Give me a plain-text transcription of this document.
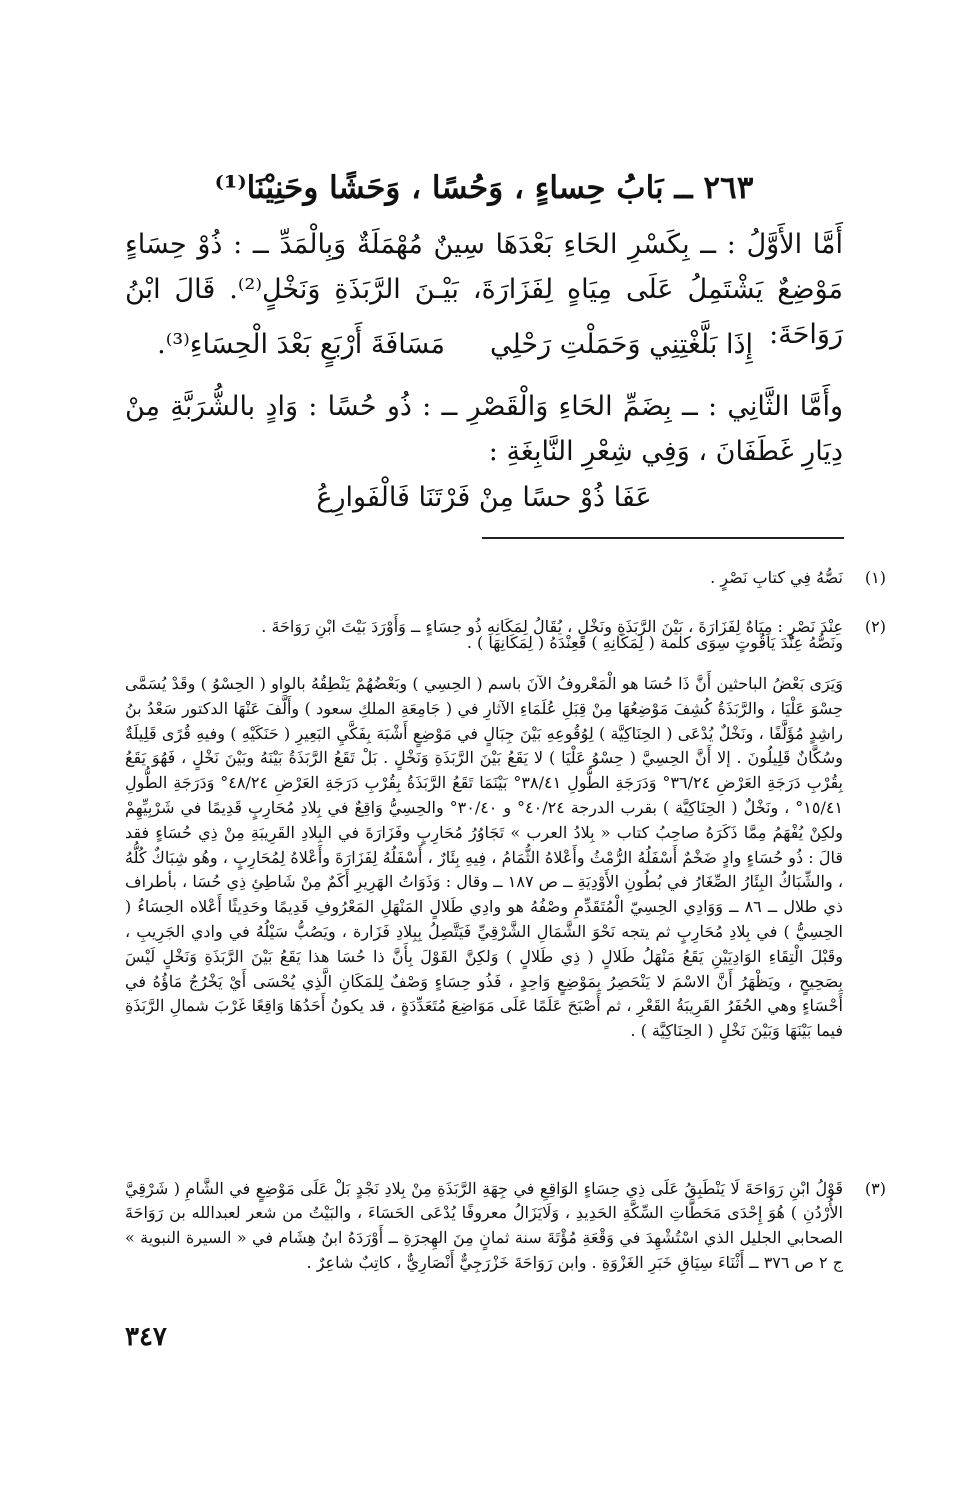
٢٦٣ ــ بَابُ حِساءٍ ، وَحُسًا ، وَحَشًا وحَنِيْنَا⁽¹⁾
أَمَّا الأَوَّلُ : ــ بِكَسْرِ الحَاءِ بَعْدَهَا سِينٌ مُهْمَلَةٌ وَبِالْمَدِّ ــ : ذُوْ حِسَاءٍ مَوْضِعٌ يَشْتَمِلُ عَلَى مِيَاهٍ لِفَزَارَةَ، بَيْـنَ الرَّبَذَةِ وَنَخْلٍ⁽²⁾. قَالَ ابْنُ رَوَاحَةَ:
إِذَا بَلَّغْتِنِي وَحَمَلْتِ رَحْلِي
مَسَافَةَ أَرْبَعٍ بَعْدَ الْحِسَاءِ⁽³⁾.
وأَمَّا الثَّانِي : ــ بِضَمِّ الحَاءِ وَالْقَصْرِ ــ : ذُو حُسًا : وَادٍ بالشُّرَبَّةِ مِنْ دِيَارِ غَطَفَانَ ، وَفِي شِعْرِ النَّابِغَةِ :
عَفَا ذُوْ حسًا مِنْ فَرْتَنَا فَالْفَوارِعُ
(١)
نَصُّهُ فِي كتابِ نَصْرٍ .
(٢)
عِنْدَ نَصْرٍ : مِيَاهٌ لِفَزَارَةَ ، بَيْنَ الرَّبَذَةِ ونَخْلٍ ، يُقَالُ لِمَكَانِهِ ذُو حِسَاءٍ ــ وَأَوْرَدَ بَيْتَ ابْنِ رَوَاحَةَ .
ونَصُّهُ عِنْدَ يَاقُوتٍ سِوَى كلمة ( لِمَكَانِهِ ) فَعِنْدَهُ ( لِمَكَانِهَا ) .
وَيَرَى بَعْضُ الباحثين أَنَّ ذَا حُسَا هو الْمَعْروفُ الآنَ باسم ( الحِسِي ) وبَعْضُهُمْ يَنْطِقُهُ بالواو ( الحِسْوُ ) وقَدْ يُسَمَّى حِسْوَ عَلْيَا ، والرَّبَذَةُ كُشِفَ مَوْضِعُهَا مِنْ قِبَلِ عُلَمَاءِ الآثارِ في ( جَامِعَةِ الملكِ سعود ) وأَلَّفَ عَنْهَا الدكتور سَعْدُ بنُ راشِدٍ مُؤَلَّفًا ، ونَخْلٌ يُدْعَى ( الحِنَاكِيَّة ) لِوُقُوعِهِ بَيْنَ جِبَالٍ في مَوْضِعٍ أَشْبَهَ بِفَكَّيِ البَعِيرِ ( حَنَكَيْهِ ) وفيهِ قُرًى قَلِيلَةٌ وسُكَّانٌ قَلِيلُونَ . إلا أَنَّ الحِسِيَّ ( حِسْوُ عَلْيَا ) لا يَقَعُ بَيْنَ الرَّبَذَةِ وَنَخْلٍ . بَلْ تَقَعُ الرَّبَذَةُ بَيْنَهُ وبَيْنَ نَخْلٍ ، فَهُوَ يَقَعُ بِقُرْبِ دَرَجَةِ العَرْضِ ٣٦/٢٤° وَدَرَجَةِ الطُّولِ ٣٨/٤١° بَيْنَمَا تَقَعُ الرَّبَذَةُ بِقُرْبِ دَرَجَةِ العَرْضِ ٤٨/٢٤° وَدَرَجَةِ الطُّولِ ١٥/٤١° ، ونَخْلٌ ( الحِنَاكِيَّة ) بقرب الدرجة ٤٠/٢٤° و ٣٠/٤٠° والحِسِيُّ وَاقِعٌ في بِلادِ مُحَارِبٍ قَدِيمًا في شَرْبِيِّهِمْ ولكِنْ يُفْهَمُ مِمَّا ذَكَرَهُ صاحِبُ كتاب « بِلادُ العرب » تَجَاوُرُ مُحَارِبٍ وفَزَارَةَ في البِلادِ القَرِيبَةِ مِنْ ذِي حُسَاءٍ فقد قالَ : ذُو حُسَاءٍ وادٍ ضَخْمٌ أَسْفَلُهُ الرُّمْثُ وأَعْلاهُ الثُّمَامُ ، فِيهِ بِئَارٌ ، أَسْفَلُهُ لِفَزَارَةَ وأَعْلاهُ لِمُحَارِبٍ ، وهُو شِبَاكٌ كُلُّهُ ، والشِّبَاكُ البِئَارُ الصِّغَارُ في بُطُونِ الأَوْدِيَةِ ــ ص ١٨٧ ــ وقال : وَذَوَاتُ الهَرِيرِ أَكَمٌ مِنْ شَاطِئِ ذِي حُسَا ، بأطراف ذي طلال ــ ٨٦ ــ وَوَادِي الحِسِيّ الْمُتَقَدِّمِ وصْفُهُ هو وادِي طَلالٍ المَنْهَلِ المَعْرُوفِ قَدِيمًا وحَدِيثًا أَعْلاه الحِسَاءُ ( الحِسِيُّ ) في بِلادِ مُحَارِبٍ ثم يتجه نَحْوَ الشَّمَالِ الشَّرْقِيِّ فَيَتَّصِلُ بِبِلادِ فَزَارة ، ويَصُبُّ سَيْلُهُ في وادي الجَرِيبِ ، وقَبْلَ الْتِقَاءِ الوَادِيَيْنِ يَقَعُ مَنْهَلُ طَلالٍ ( ذِي طَلالٍ ) وَلكِنَّ القَوْلَ بِأَنَّ ذا حُسَا هذا يَقَعُ بَيْنَ الرَّبَذَةِ وَنَخْلٍ لَيْسَ بِصَحِيحٍ ، ويَظْهَرُ أَنَّ الاسْمَ لا يَنْحَصِرُ بِمَوْضِعٍ وَاحِدٍ ، فَذُو حِسَاءٍ وَصْفٌ لِلمَكَانِ الَّذِي يُحْسَى أَيْ يَخْرُجُ مَاؤُهُ في أَحْسَاءٍ وهي الحُفَرُ القَرِيبَةُ القَعْرِ ، ثم أَصْبَحَ عَلَمًا عَلَى مَوَاضِعَ مُتَعَدِّدَةٍ ، قد يكونُ أَحَدُهَا وَاقِعًا غَرْبَ شمالِ الرَّبَذَةِ فيما بَيْنَهَا وَبَيْنَ نَخْلٍ ( الحِنَاكِيَّة ) .
(٣)
قَوْلُ ابْنِ رَوَاحَةَ لَا يَنْطَبِقُ عَلَى ذِي حِسَاءٍ الوَاقِعِ في جِهَةِ الرَّبَذَةِ مِنْ بِلادِ نَجْدٍ بَلْ عَلَى مَوْضِعٍ في الشَّامِ ( شَرْقِيَّ الأُرْدُنِ ) هُوَ إِحْدَى مَحَطَّاتِ السِّكَّةِ الحَدِيدِ ، وَلَايَزَالُ معروفًا يُدْعَى الحَسَاءَ ، والبَيْتُ من شعر لعبدالله بن رَوَاحَةَ الصحابي الجليل الذي اسْتُشْهِدَ في وَقْعَةِ مُؤْتَةَ سنة ثمانٍ مِنَ الهِجرَةِ ــ أَوْرَدَهُ ابنُ هِشَام في « السيرة النبوية » ج ٢ ص ٣٧٦ ــ أَثْنَاءَ سِيَاقِ خَبَرِ الغَزْوَةِ . وابن رَوَاحَةَ خَزْرَجِيٌّ أَنْصَارِيٌّ ، كاتِبٌ شاعِرٌ .
٣٤٧
